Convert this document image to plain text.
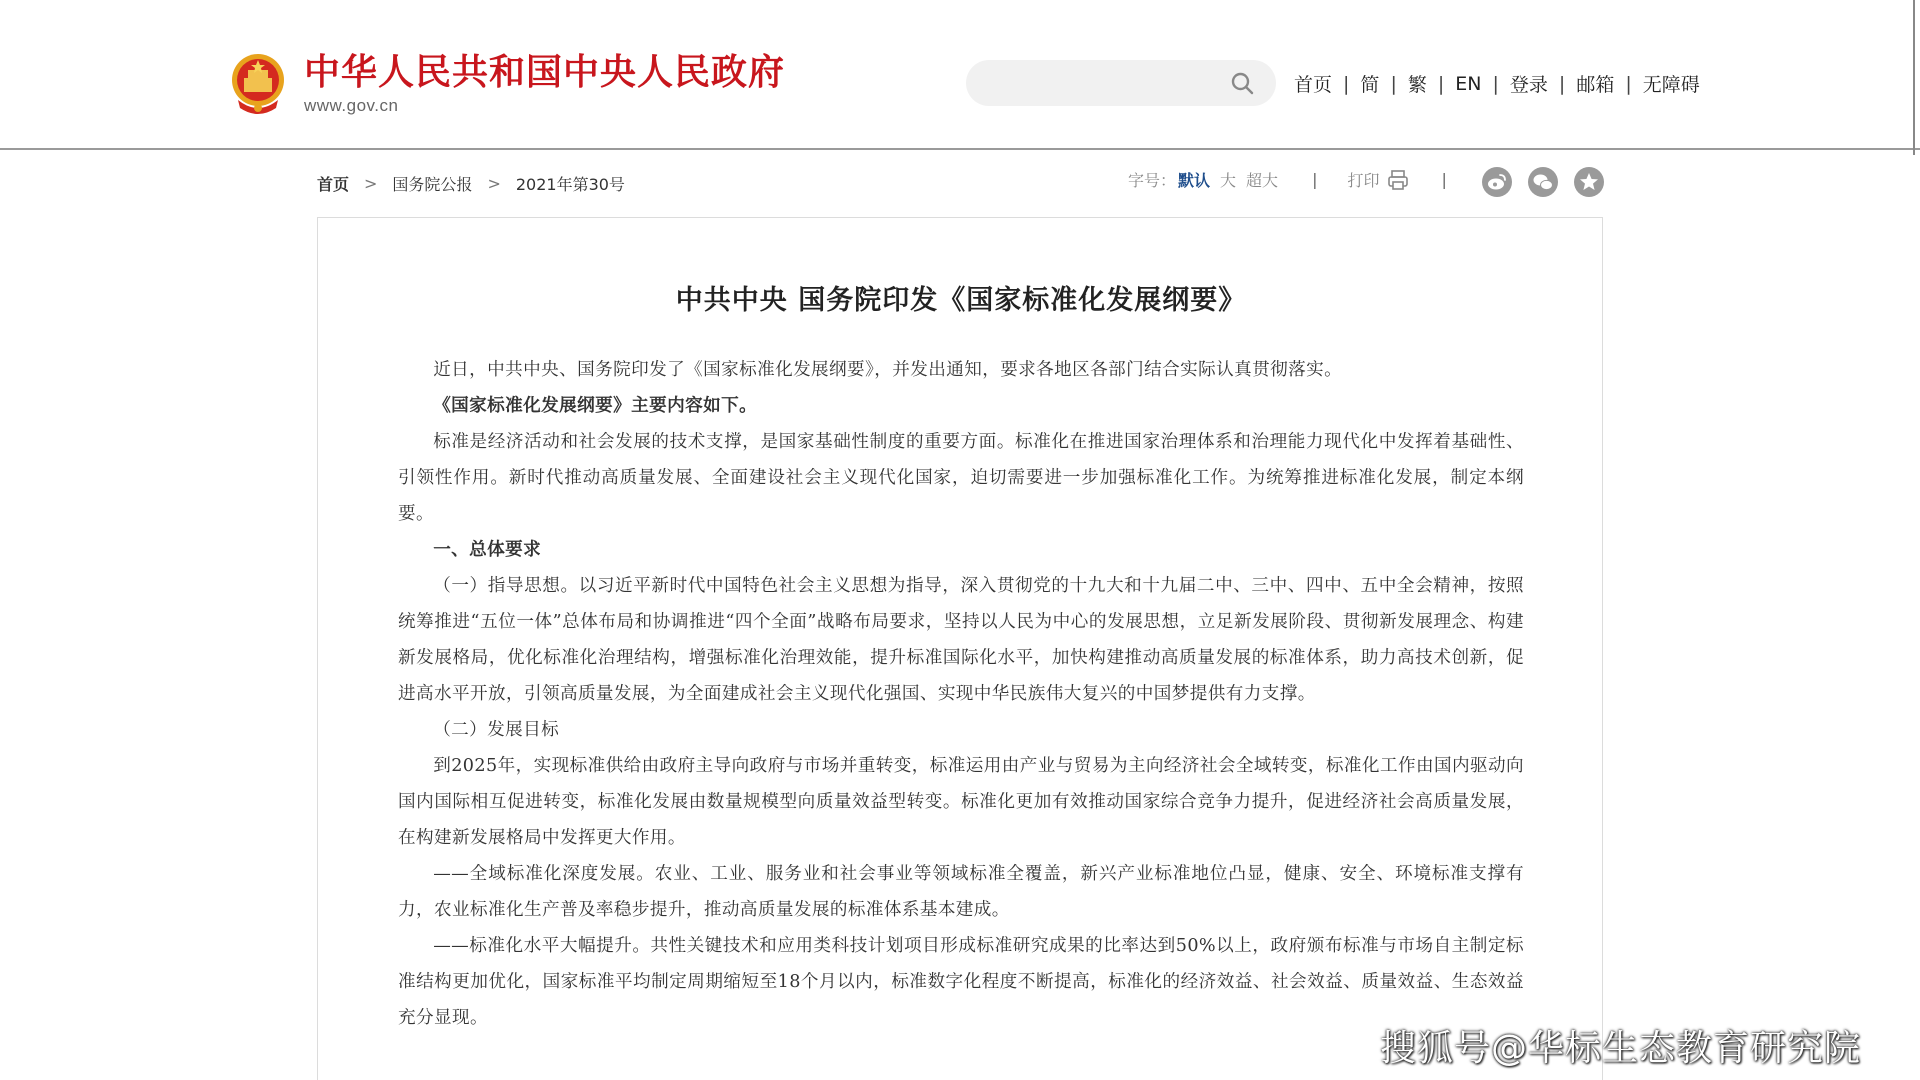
中华人民共和国中央人民政府
www.gov.cn
首页 | 简 | 繁 | EN | 登录 | 邮箱 | 无障碍
首页 > 国务院公报 > 2021年第30号	字号： 默认 大 超大 | 打印	|
中共中央 国务院印发《国家标准化发展纲要》

近日，中共中央、国务院印发了《国家标准化发展纲要》，并发出通知，要求各地区各部门结合实际认真贯彻落实。

《国家标准化发展纲要》主要内容如下。

标准是经济活动和社会发展的技术支撑，是国家基础性制度的重要方面。标准化在推进国家治理体系和治理能力现代化中发挥着基础性、引领性作用。新时代推动高质量发展、全面建设社会主义现代化国家，迫切需要进一步加强标准化工作。为统筹推进标准化发展，制定本纲要。

一、总体要求

（一）指导思想。以习近平新时代中国特色社会主义思想为指导，深入贯彻党的十九大和十九届二中、三中、四中、五中全会精神，按照统筹推进“五位一体”总体布局和协调推进“四个全面”战略布局要求，坚持以人民为中心的发展思想，立足新发展阶段、贯彻新发展理念、构建新发展格局，优化标准化治理结构，增强标准化治理效能，提升标准国际化水平，加快构建推动高质量发展的标准体系，助力高技术创新，促进高水平开放，引领高质量发展，为全面建成社会主义现代化强国、实现中华民族伟大复兴的中国梦提供有力支撑。

（二）发展目标

到2025年，实现标准供给由政府主导向政府与市场并重转变，标准运用由产业与贸易为主向经济社会全域转变，标准化工作由国内驱动向国内国际相互促进转变，标准化发展由数量规模型向质量效益型转变。标准化更加有效推动国家综合竞争力提升，促进经济社会高质量发展，在构建新发展格局中发挥更大作用。

——全域标准化深度发展。农业、工业、服务业和社会事业等领域标准全覆盖，新兴产业标准地位凸显，健康、安全、环境标准支撑有力，农业标准化生产普及率稳步提升，推动高质量发展的标准体系基本建成。

——标准化水平大幅提升。共性关键技术和应用类科技计划项目形成标准研究成果的比率达到50%以上，政府颁布标准与市场自主制定标准结构更加优化，国家标准平均制定周期缩短至18个月以内，标准数字化程度不断提高，标准化的经济效益、社会效益、质量效益、生态效益充分显现。

搜狐号@华标生态教育研究院
